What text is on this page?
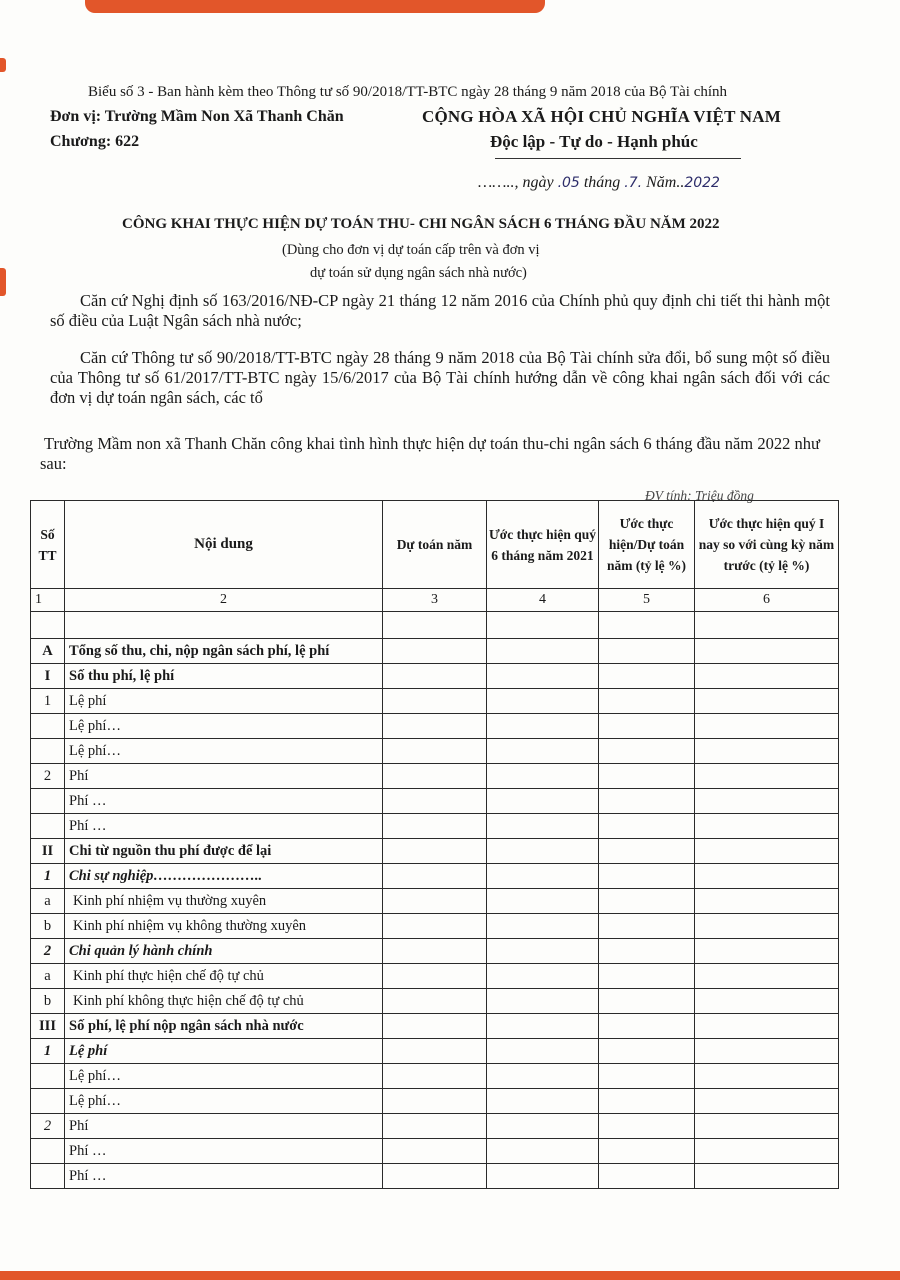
Biểu số 3 - Ban hành kèm theo Thông tư số 90/2018/TT-BTC ngày 28 tháng 9 năm 2018 của Bộ Tài chính
Đơn vị: Trường Mầm Non Xã Thanh Chăn
Chương: 622
CỘNG HÒA XÃ HỘI CHỦ NGHĨA VIỆT NAM
Độc lập - Tự do - Hạnh phúc
…….., ngày .05 tháng .7. Năm..2022
CÔNG KHAI THỰC HIỆN DỰ TOÁN THU- CHI NGÂN SÁCH 6 THÁNG ĐẦU NĂM 2022
(Dùng cho đơn vị dự toán cấp trên và đơn vị
dự toán sử dụng ngân sách nhà nước)
Căn cứ Nghị định số 163/2016/NĐ-CP ngày 21 tháng 12 năm 2016 của Chính phủ quy định chi tiết thi hành một số điều của Luật Ngân sách nhà nước;
Căn cứ Thông tư số 90/2018/TT-BTC ngày 28 tháng 9 năm 2018 của Bộ Tài chính sửa đổi, bổ sung một số điều của Thông tư số 61/2017/TT-BTC ngày 15/6/2017 của Bộ Tài chính hướng dẫn về công khai ngân sách đối với các đơn vị dự toán ngân sách, các tổ
Trường Mầm non xã Thanh Chăn công khai tình hình thực hiện dự toán thu-chi ngân sách 6 tháng đầu năm 2022 như sau:
ĐV tính: Triệu đồng
Số TT	Nội dung	Dự toán năm	Ước thực hiện quý 6 tháng năm 2021	Ước thực hiện/Dự toán năm (tỷ lệ %)	Ước thực hiện quý I nay so với cùng kỳ năm trước (tỷ lệ %)
1	2	3	4	5	6

A	Tổng số thu, chi, nộp ngân sách phí, lệ phí				
I	Số thu phí, lệ phí				
1	Lệ phí				
	Lệ phí…				
	Lệ phí…				
2	Phí				
	Phí …				
	Phí …				
II	Chi từ nguồn thu phí được để lại				
1	Chi sự nghiệp…………………..				
a	Kinh phí nhiệm vụ thường xuyên				
b	Kinh phí nhiệm vụ không thường xuyên				
2	Chi quản lý hành chính				
a	Kinh phí thực hiện chế độ tự chủ				
b	Kinh phí không thực hiện chế độ tự chủ				
III	Số phí, lệ phí nộp ngân sách nhà nước				
1	Lệ phí				
	Lệ phí…				
	Lệ phí…				
2	Phí				
	Phí …				
	Phí …				
